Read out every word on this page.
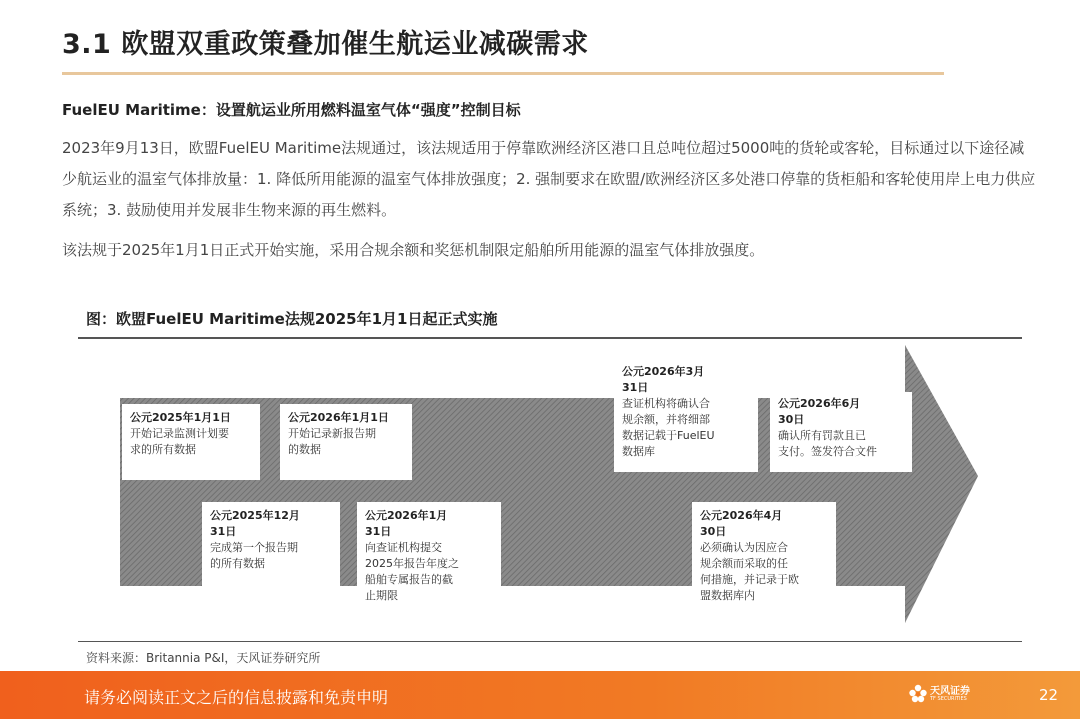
3.1 欧盟双重政策叠加催生航运业减碳需求
FuelEU Maritime：设置航运业所用燃料温室气体“强度”控制目标
2023年9月13日，欧盟FuelEU Maritime法规通过，该法规适用于停靠欧洲经济区港口且总吨位超过5000吨的货轮或客轮，目标通过以下途径减少航运业的温室气体排放量：1. 降低所用能源的温室气体排放强度；2. 强制要求在欧盟/欧洲经济区多处港口停靠的货柜船和客轮使用岸上电力供应系统；3. 鼓励使用并发展非生物来源的再生燃料。
该法规于2025年1月1日正式开始实施，采用合规余额和奖惩机制限定船舶所用能源的温室气体排放强度。
图：欧盟FuelEU Maritime法规2025年1月1日起正式实施
公元2025年1月1日
开始记录监测计划要
求的所有数据
公元2025年12月
31日
完成第一个报告期
的所有数据
公元2026年1月1日
开始记录新报告期
的数据
公元2026年1月
31日
向查证机构提交
2025年报告年度之
船舶专属报告的截
止期限
公元2026年3月
31日
查证机构将确认合
规余额，并将细部
数据记载于FuelEU
数据库
公元2026年4月
30日
必须确认为因应合
规余额而采取的任
何措施，并记录于欧
盟数据库内
公元2026年6月
30日
确认所有罚款且已
支付。签发符合文件
资料来源：Britannia P&I，天风证券研究所
请务必阅读正文之后的信息披露和免责申明	天风证券
TF SECURITIES	22
